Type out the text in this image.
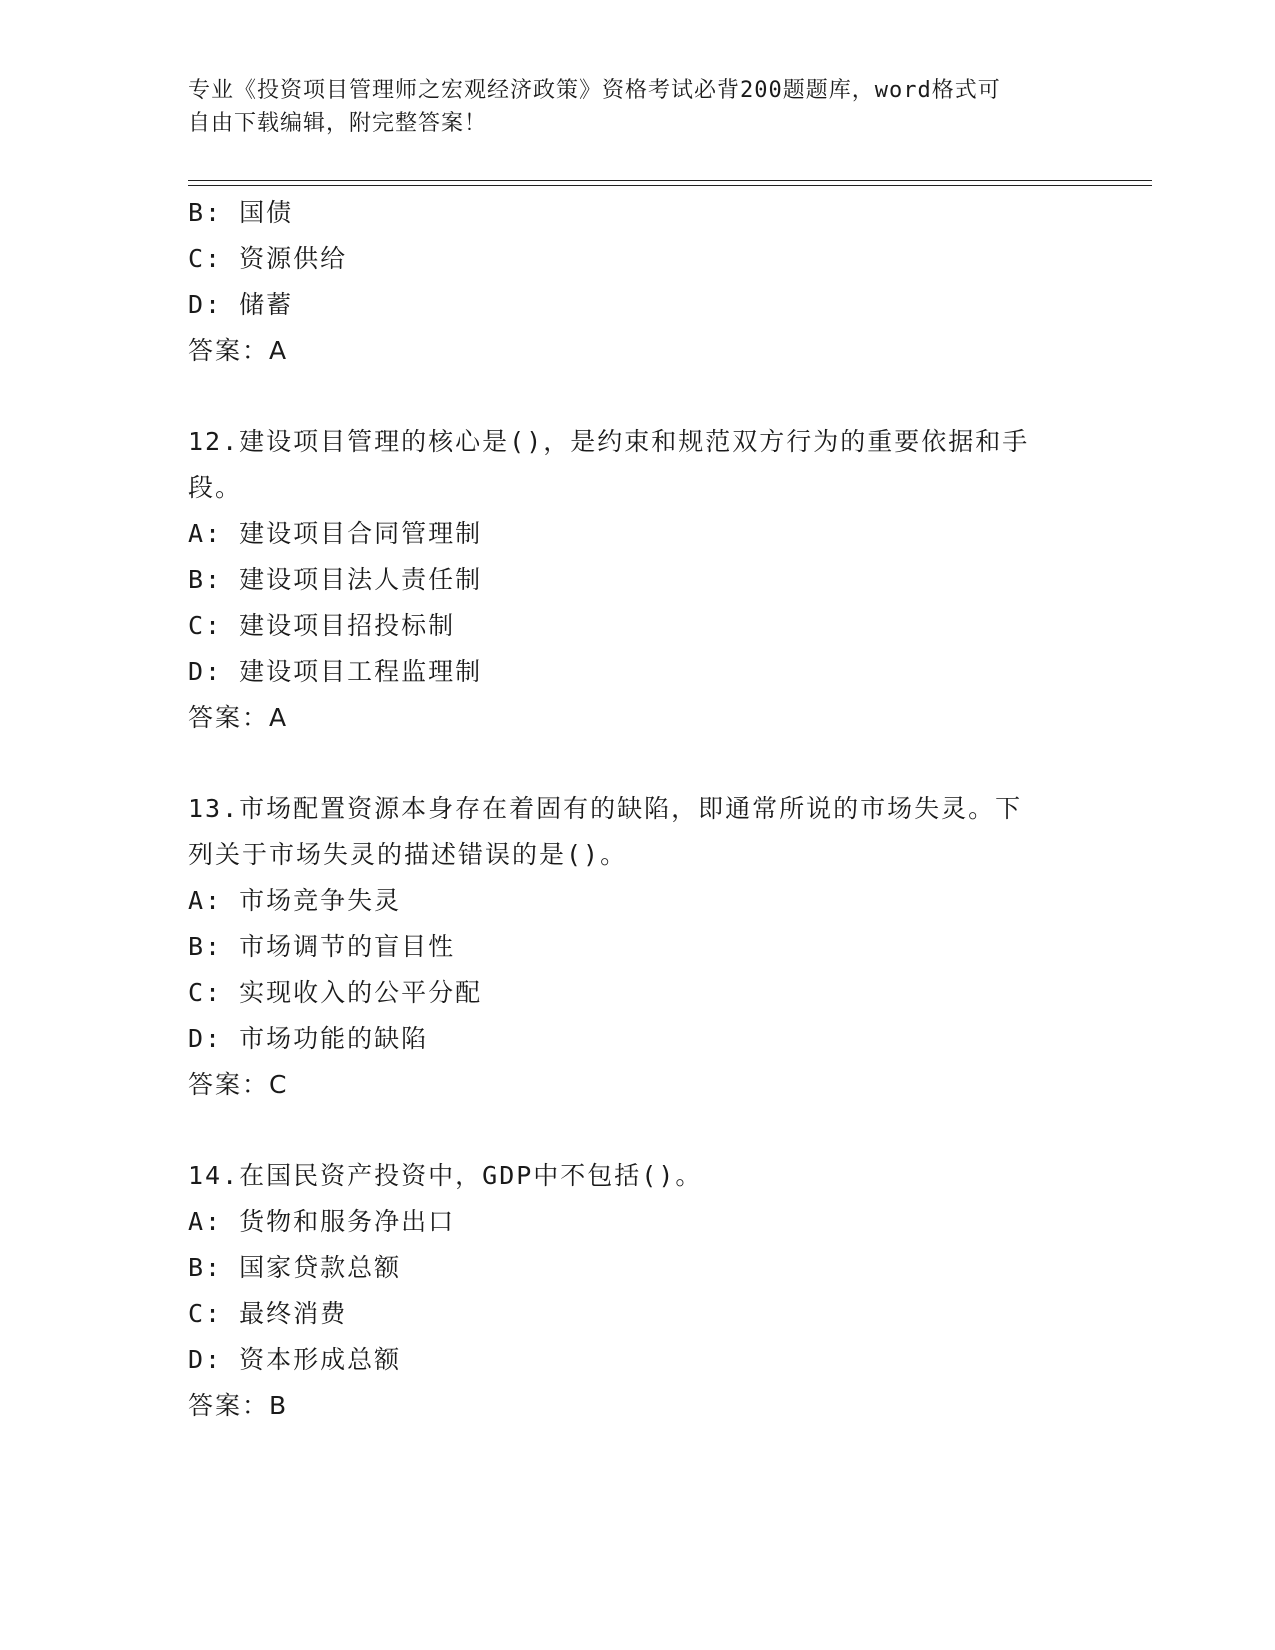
专业《投资项目管理师之宏观经济政策》资格考试必背200题题库，word格式可
自由下载编辑，附完整答案！
B: 国债
C: 资源供给
D: 储蓄
答案：A
12.建设项目管理的核心是()，是约束和规范双方行为的重要依据和手
段。
A: 建设项目合同管理制
B: 建设项目法人责任制
C: 建设项目招投标制
D: 建设项目工程监理制
答案：A
13.市场配置资源本身存在着固有的缺陷，即通常所说的市场失灵。下
列关于市场失灵的描述错误的是()。
A: 市场竞争失灵
B: 市场调节的盲目性
C: 实现收入的公平分配
D: 市场功能的缺陷
答案：C
14.在国民资产投资中，GDP中不包括()。
A: 货物和服务净出口
B: 国家贷款总额
C: 最终消费
D: 资本形成总额
答案：B
